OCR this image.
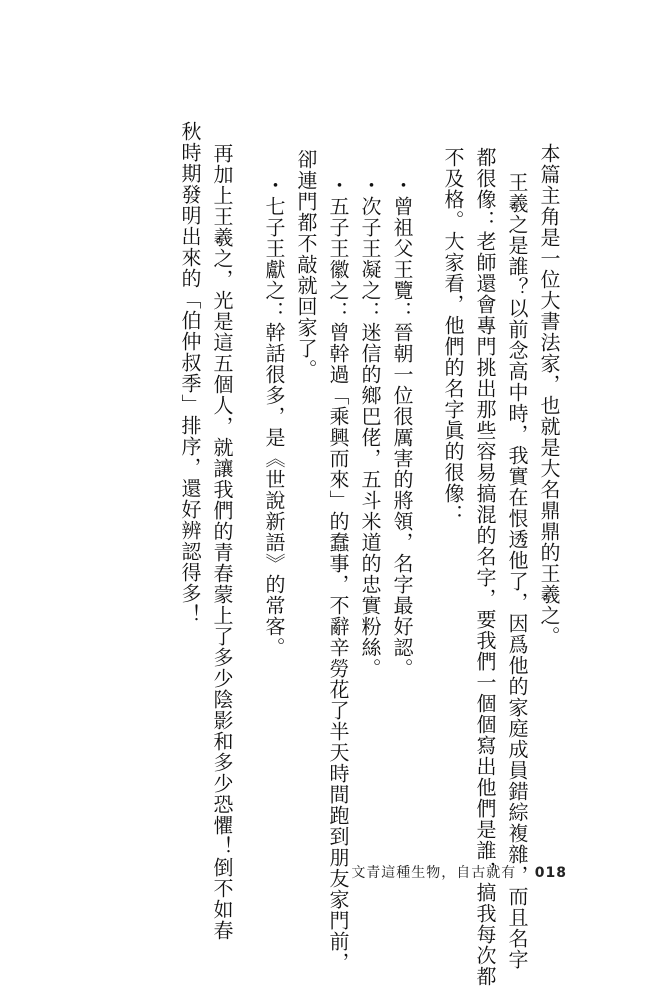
本篇主角是一位大書法家，也就是大名鼎鼎的王羲之。
王羲之是誰？以前念高中時，我實在恨透他了，因爲他的家庭成員錯綜複雜，而且名字
都很像：老師還會專門挑出那些容易搞混的名字，要我們一個個寫出他們是誰，搞我每次都
不及格。大家看，他們的名字眞的很像：
・曾祖父王覽：晉朝一位很厲害的將領，名字最好認。
・次子王凝之：迷信的鄉巴佬，五斗米道的忠實粉絲。
・五子王徽之：曾幹過「乘興而來」的蠢事，不辭辛勞花了半天時間跑到朋友家門前，
　卻連門都不敲就回家了。
・七子王獻之：幹話很多，是《世說新語》的常客。
再加上王羲之，光是這五個人，就讓我們的青春蒙上了多少陰影和多少恐懼！倒不如春
秋時期發明出來的「伯仲叔季」排序，還好辨認得多！
文青這種生物，自古就有 018
